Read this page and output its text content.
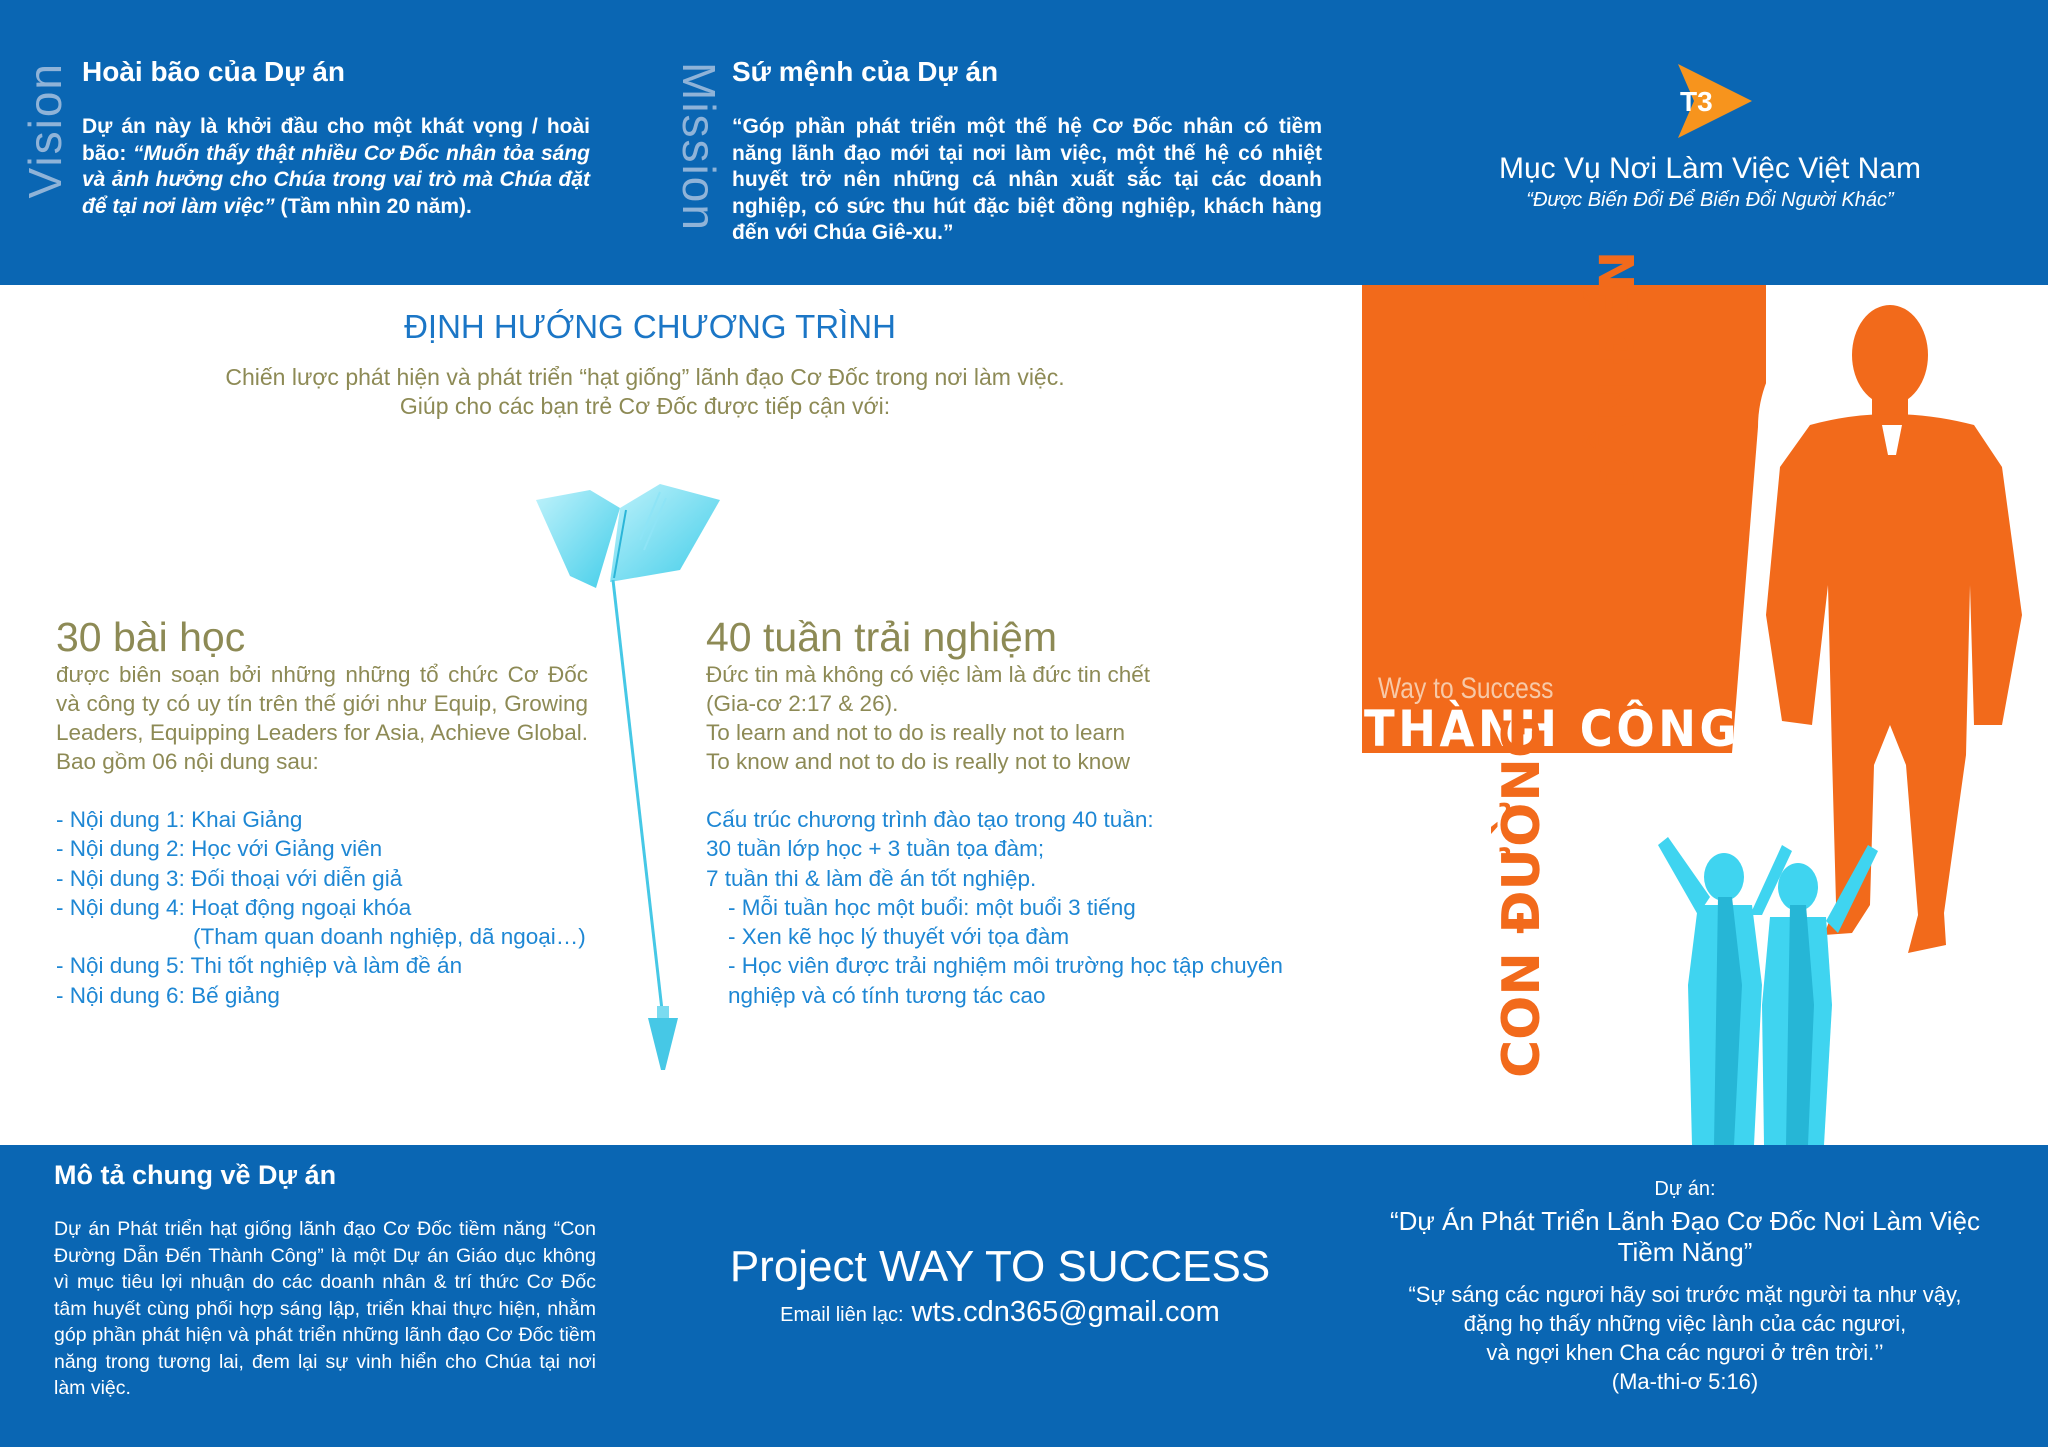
Vision Hoài bão của Dự án
Dự án này là khởi đầu cho một khát vọng / hoài bão: “Muốn thấy thật nhiều Cơ Đốc nhân tỏa sáng và ảnh hưởng cho Chúa trong vai trò mà Chúa đặt để tại nơi làm việc” (Tầm nhìn 20 năm).	Mission Sứ mệnh của Dự án
“Góp phần phát triển một thế hệ Cơ Đốc nhân có tiềm năng lãnh đạo mới tại nơi làm việc, một thế hệ có nhiệt huyết trở nên những cá nhân xuất sắc tại các doanh nghiệp, có sức thu hút đặc biệt đồng nghiệp, khách hàng đến với Chúa Giê-xu.”
T3
Mục Vụ Nơi Làm Việc Việt Nam
“Được Biến Đổi Để Biến Đổi Người Khác”
ĐỊNH HƯỚNG CHƯƠNG TRÌNH
Chiến lược phát hiện và phát triển “hạt giống” lãnh đạo Cơ Đốc trong nơi làm việc.
Giúp cho các bạn trẻ Cơ Đốc được tiếp cận với:
30 bài học
được biên soạn bởi những những tổ chức Cơ Đốc và công ty có uy tín trên thế giới như Equip, Growing Leaders, Equipping Leaders for Asia, Achieve Global. Bao gồm 06 nội dung sau:
- Nội dung 1: Khai Giảng
- Nội dung 2: Học với Giảng viên
- Nội dung 3: Đối thoại với diễn giả
- Nội dung 4: Hoạt động ngoại khóa
(Tham quan doanh nghiệp, dã ngoại…)
- Nội dung 5: Thi tốt nghiệp và làm đề án
- Nội dung 6: Bế giảng
40 tuần trải nghiệm
Đức tin mà không có việc làm là đức tin chết
(Gia-cơ 2:17 & 26).
To learn and not to do is really not to learn
To know and not to do is really not to know
Cấu trúc chương trình đào tạo trong 40 tuần:
30 tuần lớp học + 3 tuần tọa đàm;
7 tuần thi & làm đề án tốt nghiệp.
- Mỗi tuần học một buổi: một buổi 3 tiếng
- Xen kẽ học lý thuyết với tọa đàm
- Học viên được trải nghiệm môi trường học tập chuyên
nghiệp và có tính tương tác cao
Way to Success
THÀNH CÔNG
DẪN ĐẾN
CON ĐƯỜNG
Mô tả chung về Dự án
Dự án Phát triển hạt giống lãnh đạo Cơ Đốc tiềm năng “Con Đường Dẫn Đến Thành Công” là một Dự án Giáo dục không vì mục tiêu lợi nhuận do các doanh nhân & trí thức Cơ Đốc tâm huyết cùng phối hợp sáng lập, triển khai thực hiện, nhằm góp phần phát hiện và phát triển những lãnh đạo Cơ Đốc tiềm năng trong tương lai, đem lại sự vinh hiển cho Chúa tại nơi làm việc.
Project WAY TO SUCCESS
Email liên lạc: wts.cdn365@gmail.com
Dự án:
“Dự Án Phát Triển Lãnh Đạo Cơ Đốc Nơi Làm Việc
Tiềm Năng”
“Sự sáng các ngươi hãy soi trước mặt người ta như vậy,
đặng họ thấy những việc lành của các ngươi,
và ngợi khen Cha các ngươi ở trên trời.’’
(Ma-thi-ơ 5:16)
